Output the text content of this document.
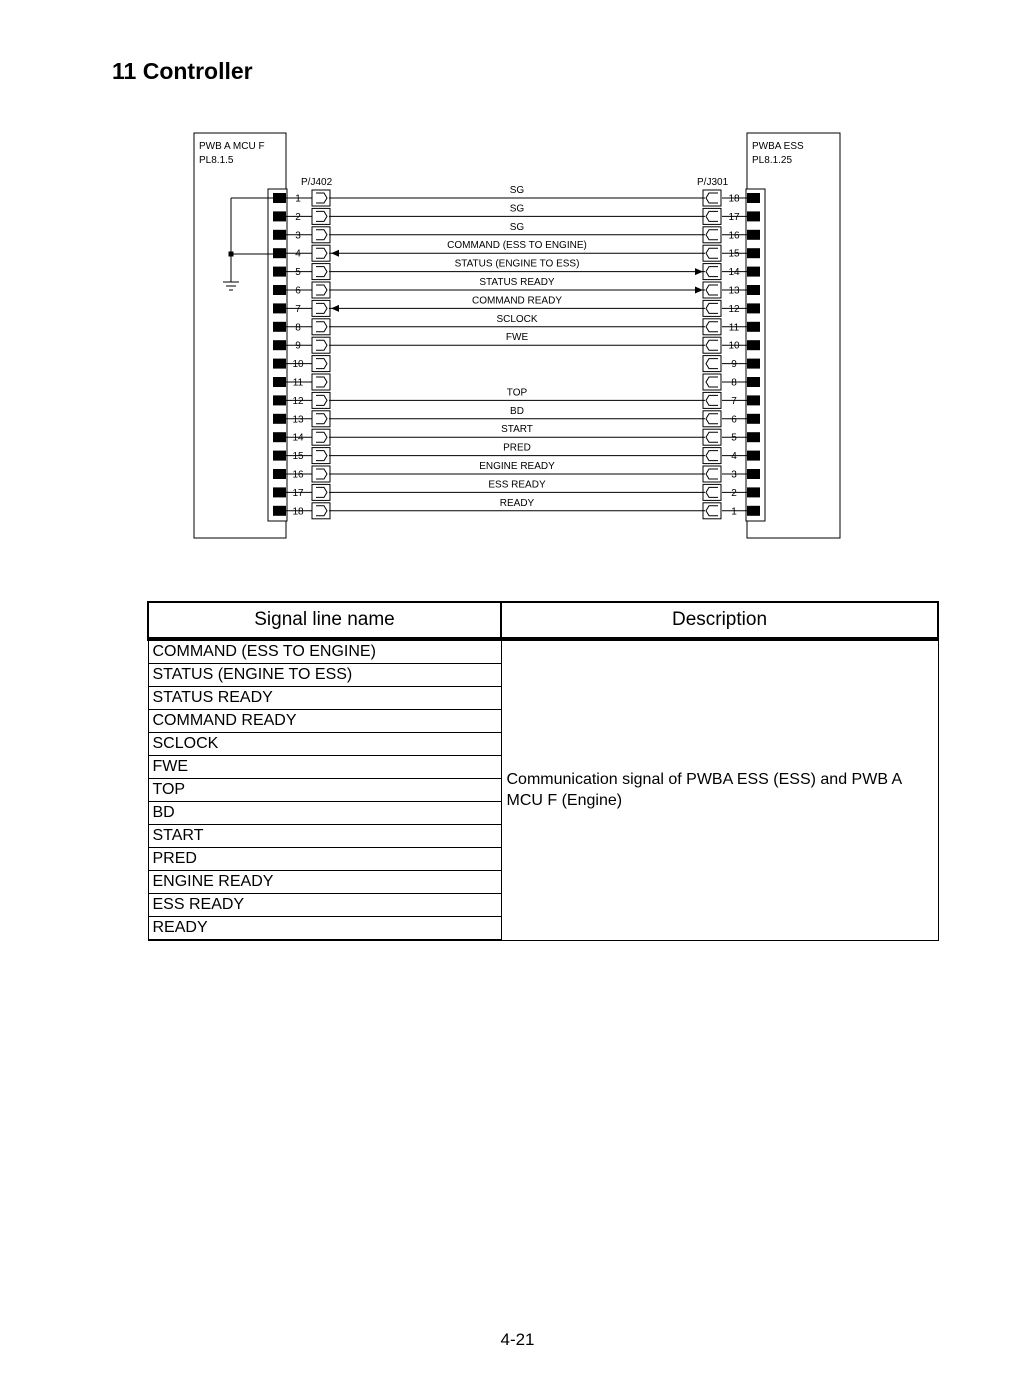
11 Controller
PWB A MCU F
PL8.1.5
PWBA ESS
PL8.1.25
P/J402	P/J301
1
2
3
4
5
6
7
8
9
10
11
12
13
14
15
16
17
18
18
17
16
15
14
13
12
11
10
9
8
7
6
5
4
3
2
1
SG
SG
SG
COMMAND (ESS TO ENGINE)
STATUS (ENGINE TO ESS)
STATUS READY
COMMAND READY
SCLOCK
FWE
TOP
BD
START
PRED
ENGINE READY
ESS READY
READY
Signal line name	Description
COMMAND (ESS TO ENGINE)	Communication signal of PWBA ESS (ESS) and PWB A MCU F (Engine)
STATUS (ENGINE TO ESS)	
STATUS READY	
COMMAND READY	
SCLOCK	
FWE	
TOP	
BD	
START	
PRED	
ENGINE READY	
ESS READY	
READY	
4-21
